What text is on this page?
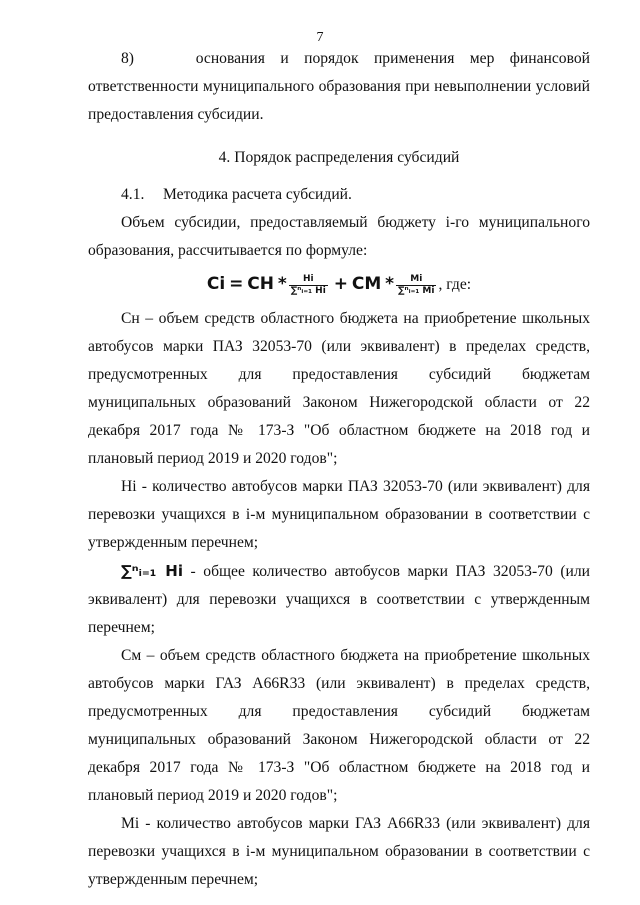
7

8)	основания и порядок применения мер финансовой ответственности муниципального образования при невыполнении условий предоставления субсидии.

4. Порядок распределения субсидий

4.1. Методика расчета субсидий.

Объем субсидии, предоставляемый бюджету i-го муниципального образования, рассчитывается по формуле:

Ci = CН * $\frac{Нi}{\text{∑ⁿᵢ₌₁ Нi}}$ + CМ * $\frac{Мi}{\text{∑ⁿᵢ₌₁ Мi}}$ , где:

Сн – объем средств областного бюджета на приобретение школьных автобусов марки ПАЗ 32053-70 (или эквивалент) в пределах средств, предусмотренных для предоставления субсидий бюджетам муниципальных образований Законом Нижегородской области от 22 декабря 2017 года № 173-З "Об областном бюджете на 2018 год и плановый период 2019 и 2020 годов";

Нi - количество автобусов марки ПАЗ 32053-70 (или эквивалент) для перевозки учащихся в i-м муниципальном образовании в соответствии с утвержденным перечнем;

∑ⁿᵢ₌₁ Нi - общее количество автобусов марки ПАЗ 32053-70 (или эквивалент) для перевозки учащихся в соответствии с утвержденным перечнем;

См – объем средств областного бюджета на приобретение школьных автобусов марки ГАЗ А66R33 (или эквивалент) в пределах средств, предусмотренных для предоставления субсидий бюджетам муниципальных образований Законом Нижегородской области от 22 декабря 2017 года № 173-З "Об областном бюджете на 2018 год и плановый период 2019 и 2020 годов";

Мi - количество автобусов марки ГАЗ А66R33 (или эквивалент) для перевозки учащихся в i-м муниципальном образовании в соответствии с утвержденным перечнем;
